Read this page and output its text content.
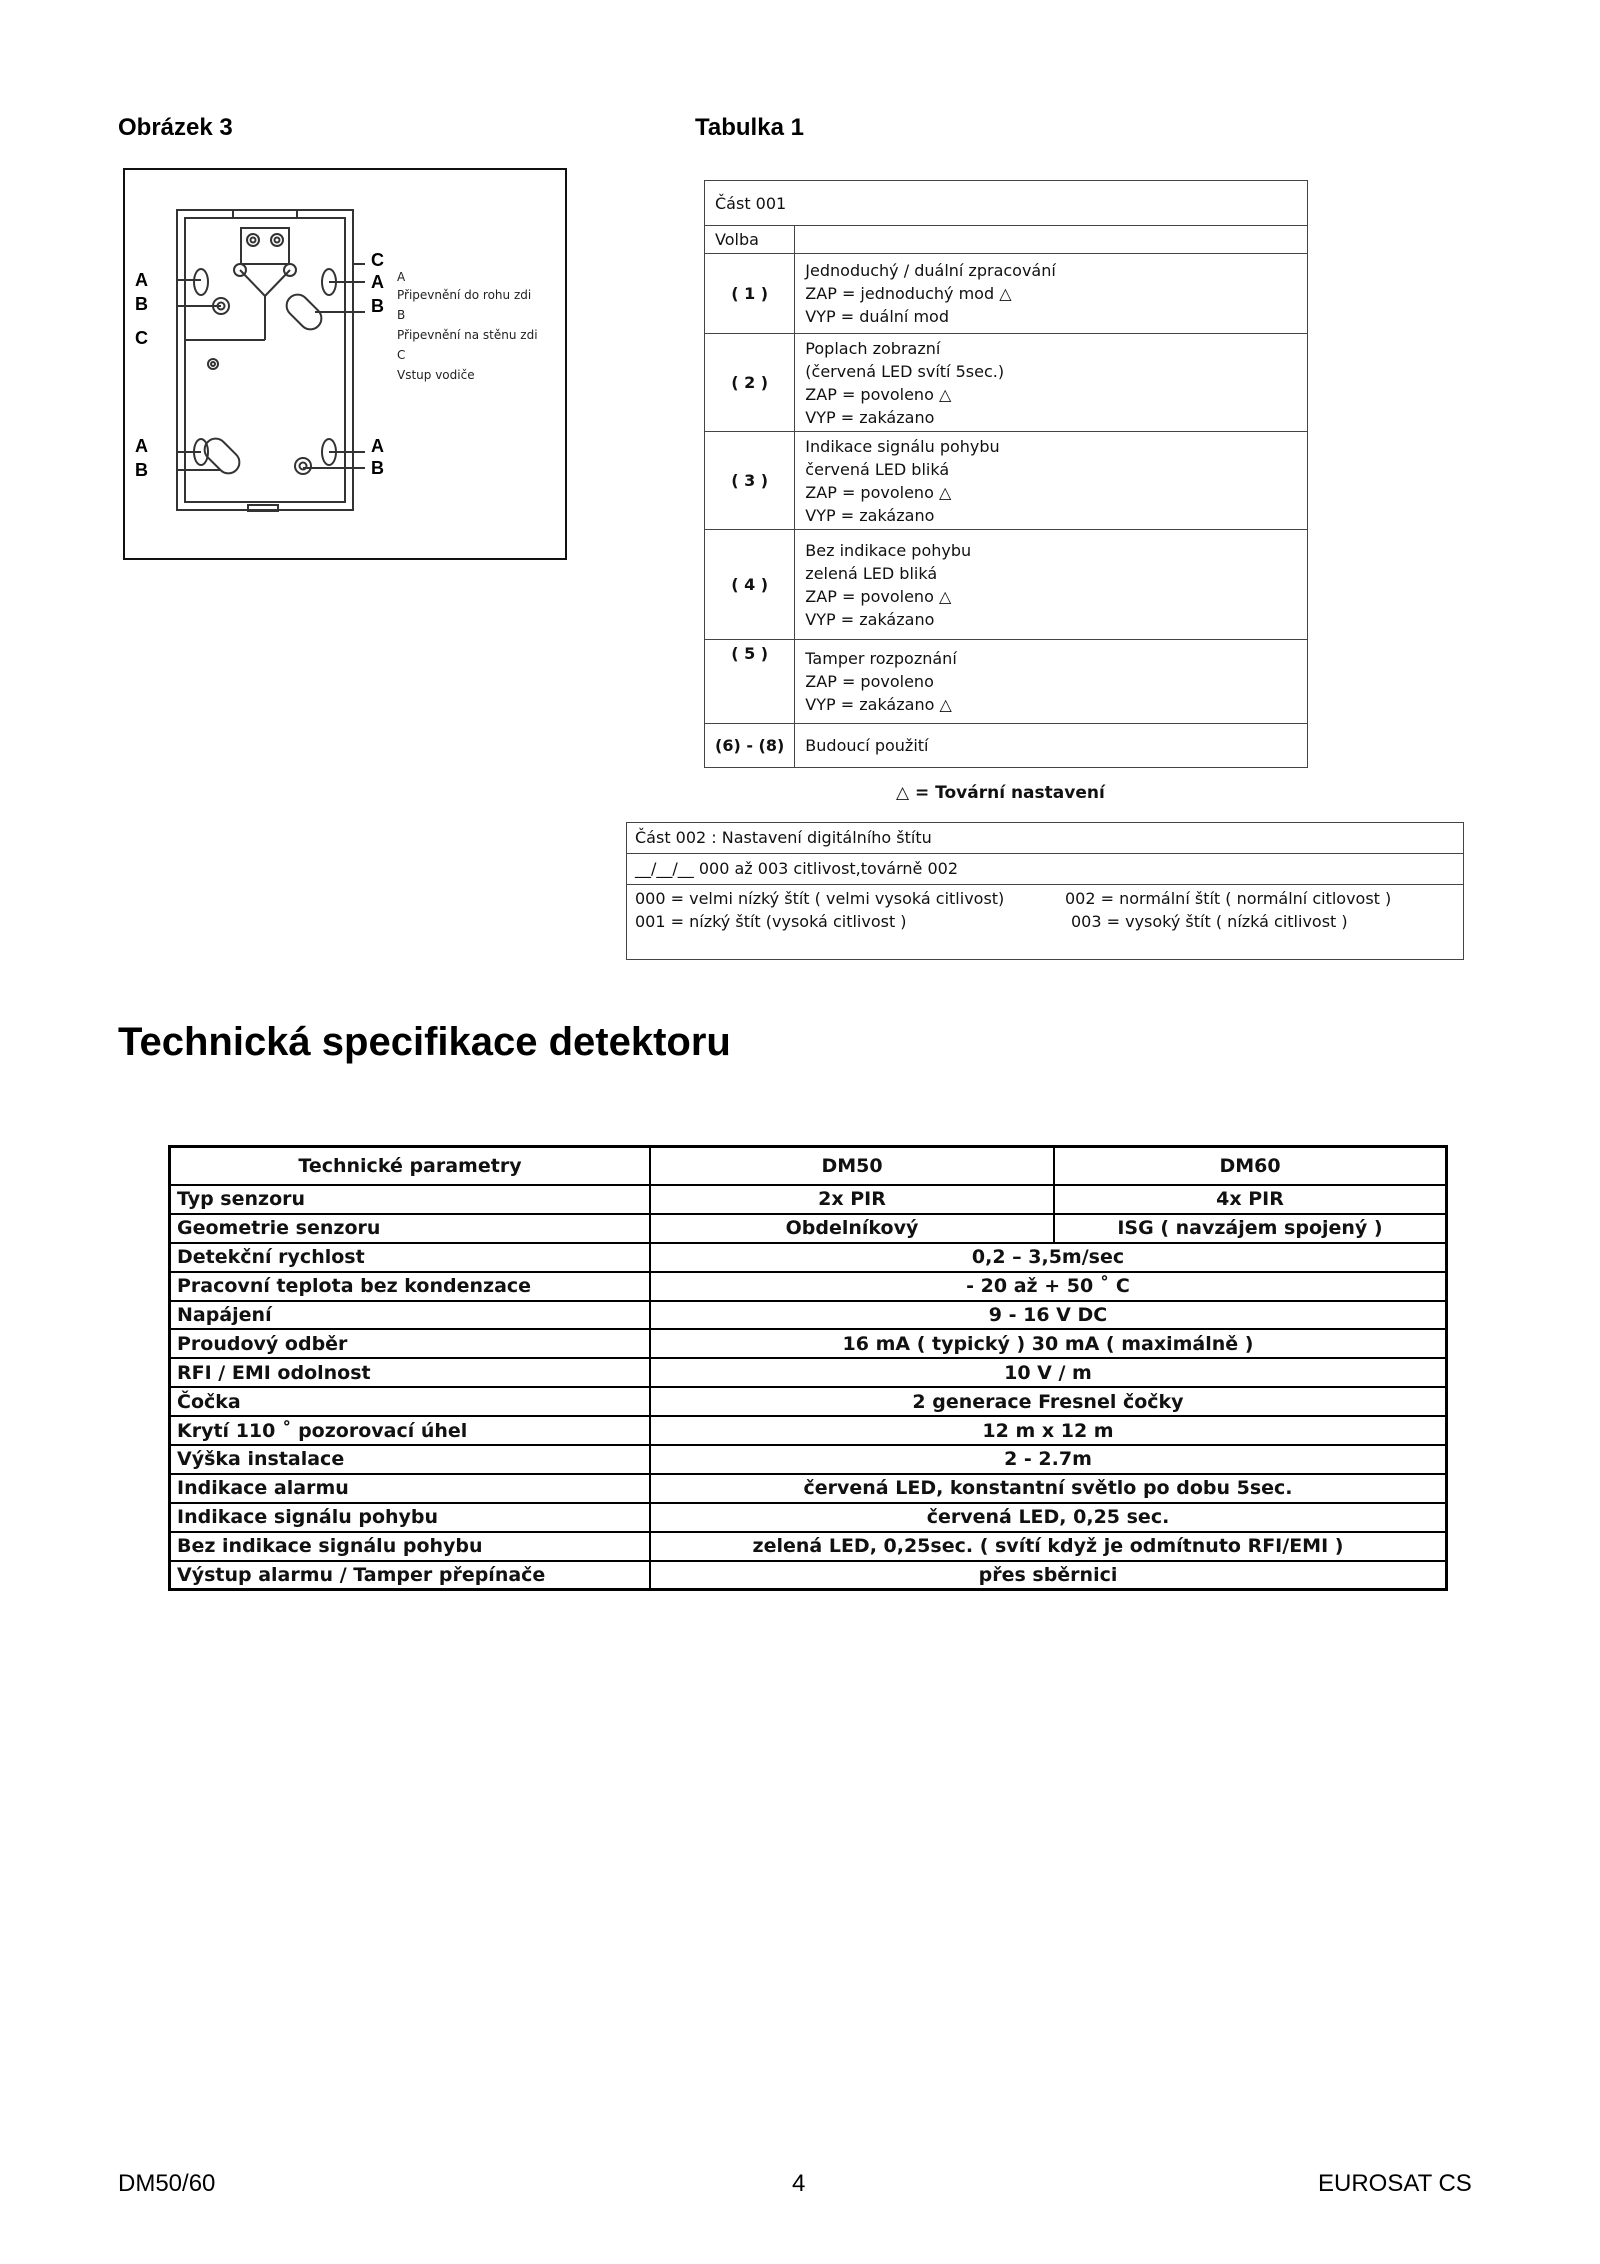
Obrázek 3
A
B
C
C
A
B
A
B
A
B
A
Připevnění do rohu zdi
B
Připevnění na stěnu zdi
C
Vstup vodiče
Tabulka 1
Část 001	
Volba	
( 1 )	Jednoduchý / duální zpracování
ZAP = jednoduchý mod △
VYP = duální mod

( 2 )	Poplach zobrazní
(červená LED svítí 5sec.)
ZAP = povoleno △
VYP = zakázano

( 3 )	Indikace signálu pohybu
červená LED bliká
ZAP = povoleno △
VYP = zakázano

( 4 )	Bez indikace pohybu
zelená LED bliká
ZAP = povoleno △
VYP = zakázano

( 5 )	Tamper rozpoznání
ZAP = povoleno
VYP = zakázano △

(6) - (8)	Budoucí použití
△ = Tovární nastavení
Část 002 : Nastavení digitálního štítu
__/__/__ 000 až 003 citlivost,továrně 002
000 = velmi nízký štít ( velmi vysoká citlivost)	002 = normální štít ( normální citlovost )
001 = nízký štít (vysoká citlivost )	003 = vysoký štít ( nízká citlivost )
Technická specifikace detektoru
Technické parametry	DM50	DM60
Typ senzoru	2x PIR	4x PIR
Geometrie senzoru	Obdelníkový	ISG ( navzájem spojený )
Detekční rychlost	0,2 – 3,5m/sec	
Pracovní teplota bez kondenzace	- 20 až + 50 ˚ C	
Napájení	9 - 16 V DC	
Proudový odběr	16 mA ( typický ) 30 mA ( maximálně )	
RFI / EMI odolnost	10 V / m	
Čočka	2 generace Fresnel čočky	
Krytí 110 ˚ pozorovací úhel	12 m x 12 m	
Výška instalace	2 - 2.7m	
Indikace alarmu	červená LED, konstantní světlo po dobu 5sec.	
Indikace signálu pohybu	červená LED, 0,25 sec.	
Bez indikace signálu pohybu	zelená LED, 0,25sec. ( svítí když je odmítnuto RFI/EMI )	
Výstup alarmu / Tamper přepínače	přes sběrnici	
DM50/60	4	EUROSAT CS
